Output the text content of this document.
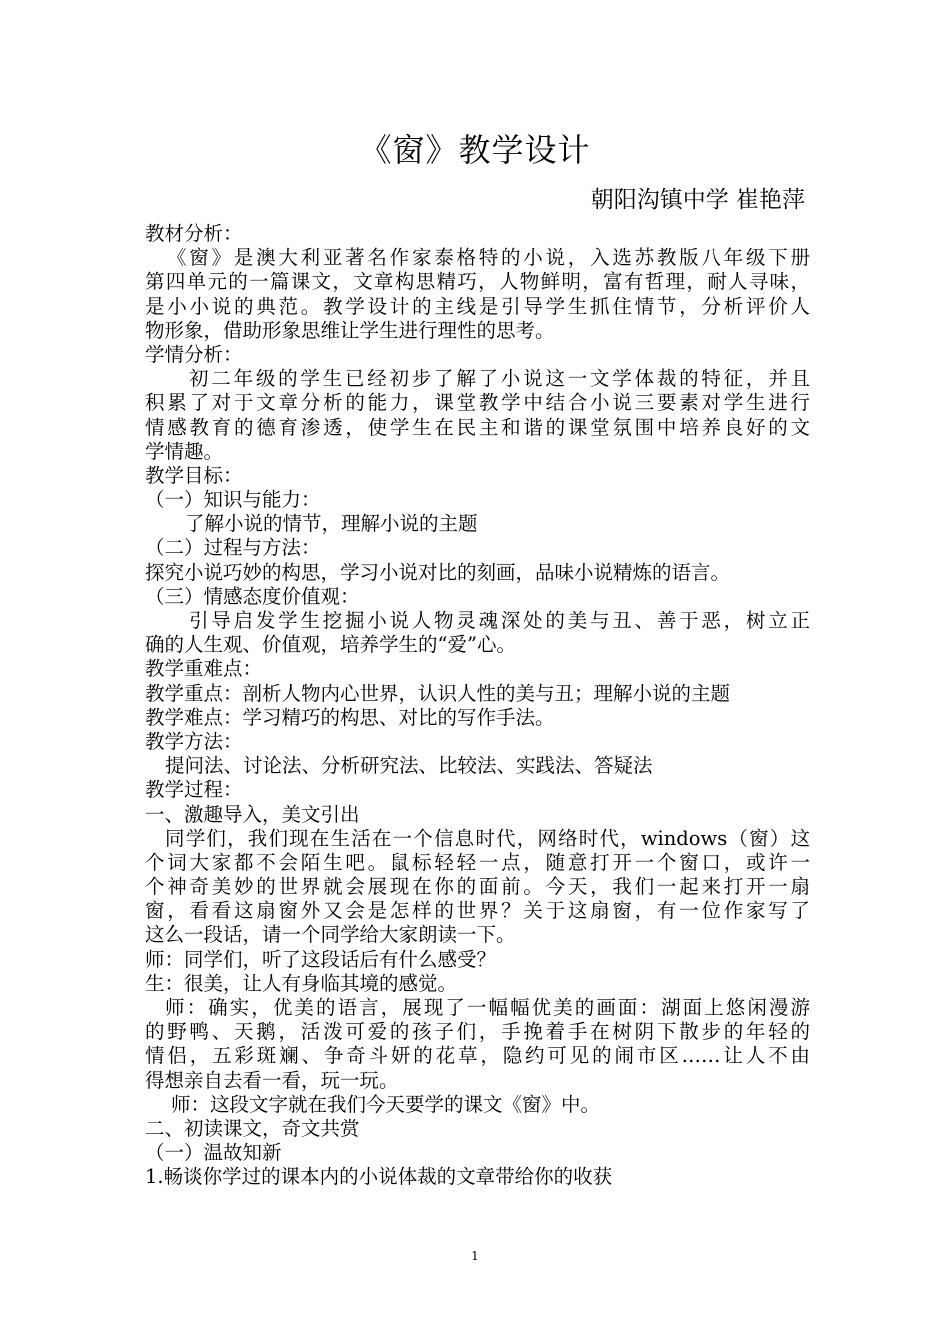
《窗》教学设计
朝阳沟镇中学 崔艳萍
教材分析：
《窗》是澳大利亚著名作家泰格特的小说，入选苏教版八年级下册
第四单元的一篇课文，文章构思精巧，人物鲜明，富有哲理，耐人寻味，
是小小说的典范。教学设计的主线是引导学生抓住情节，分析评价人
物形象，借助形象思维让学生进行理性的思考。
学情分析：
初二年级的学生已经初步了解了小说这一文学体裁的特征，并且
积累了对于文章分析的能力，课堂教学中结合小说三要素对学生进行
情感教育的德育渗透，使学生在民主和谐的课堂氛围中培养良好的文
学情趣。
教学目标：
（一）知识与能力：
了解小说的情节，理解小说的主题
（二）过程与方法：
探究小说巧妙的构思，学习小说对比的刻画，品味小说精炼的语言。
（三）情感态度价值观：
引导启发学生挖掘小说人物灵魂深处的美与丑、善于恶，树立正
确的人生观、价值观，培养学生的“爱”心。
教学重难点：
教学重点：剖析人物内心世界，认识人性的美与丑；理解小说的主题
教学难点：学习精巧的构思、对比的写作手法。
教学方法：
提问法、讨论法、分析研究法、比较法、实践法、答疑法
教学过程：
一、激趣导入，美文引出
同学们，我们现在生活在一个信息时代，网络时代，windows（窗）这
个词大家都不会陌生吧。鼠标轻轻一点，随意打开一个窗口，或许一
个神奇美妙的世界就会展现在你的面前。今天，我们一起来打开一扇
窗，看看这扇窗外又会是怎样的世界？关于这扇窗，有一位作家写了
这么一段话，请一个同学给大家朗读一下。
师：同学们，听了这段话后有什么感受？
生：很美，让人有身临其境的感觉。
师：确实，优美的语言，展现了一幅幅优美的画面：湖面上悠闲漫游
的野鸭、天鹅，活泼可爱的孩子们，手挽着手在树阴下散步的年轻的
情侣，五彩斑斓、争奇斗妍的花草，隐约可见的闹市区……让人不由
得想亲自去看一看，玩一玩。
师：这段文字就在我们今天要学的课文《窗》中。
二、初读课文，奇文共赏
（一）温故知新
1.畅谈你学过的课本内的小说体裁的文章带给你的收获
1
